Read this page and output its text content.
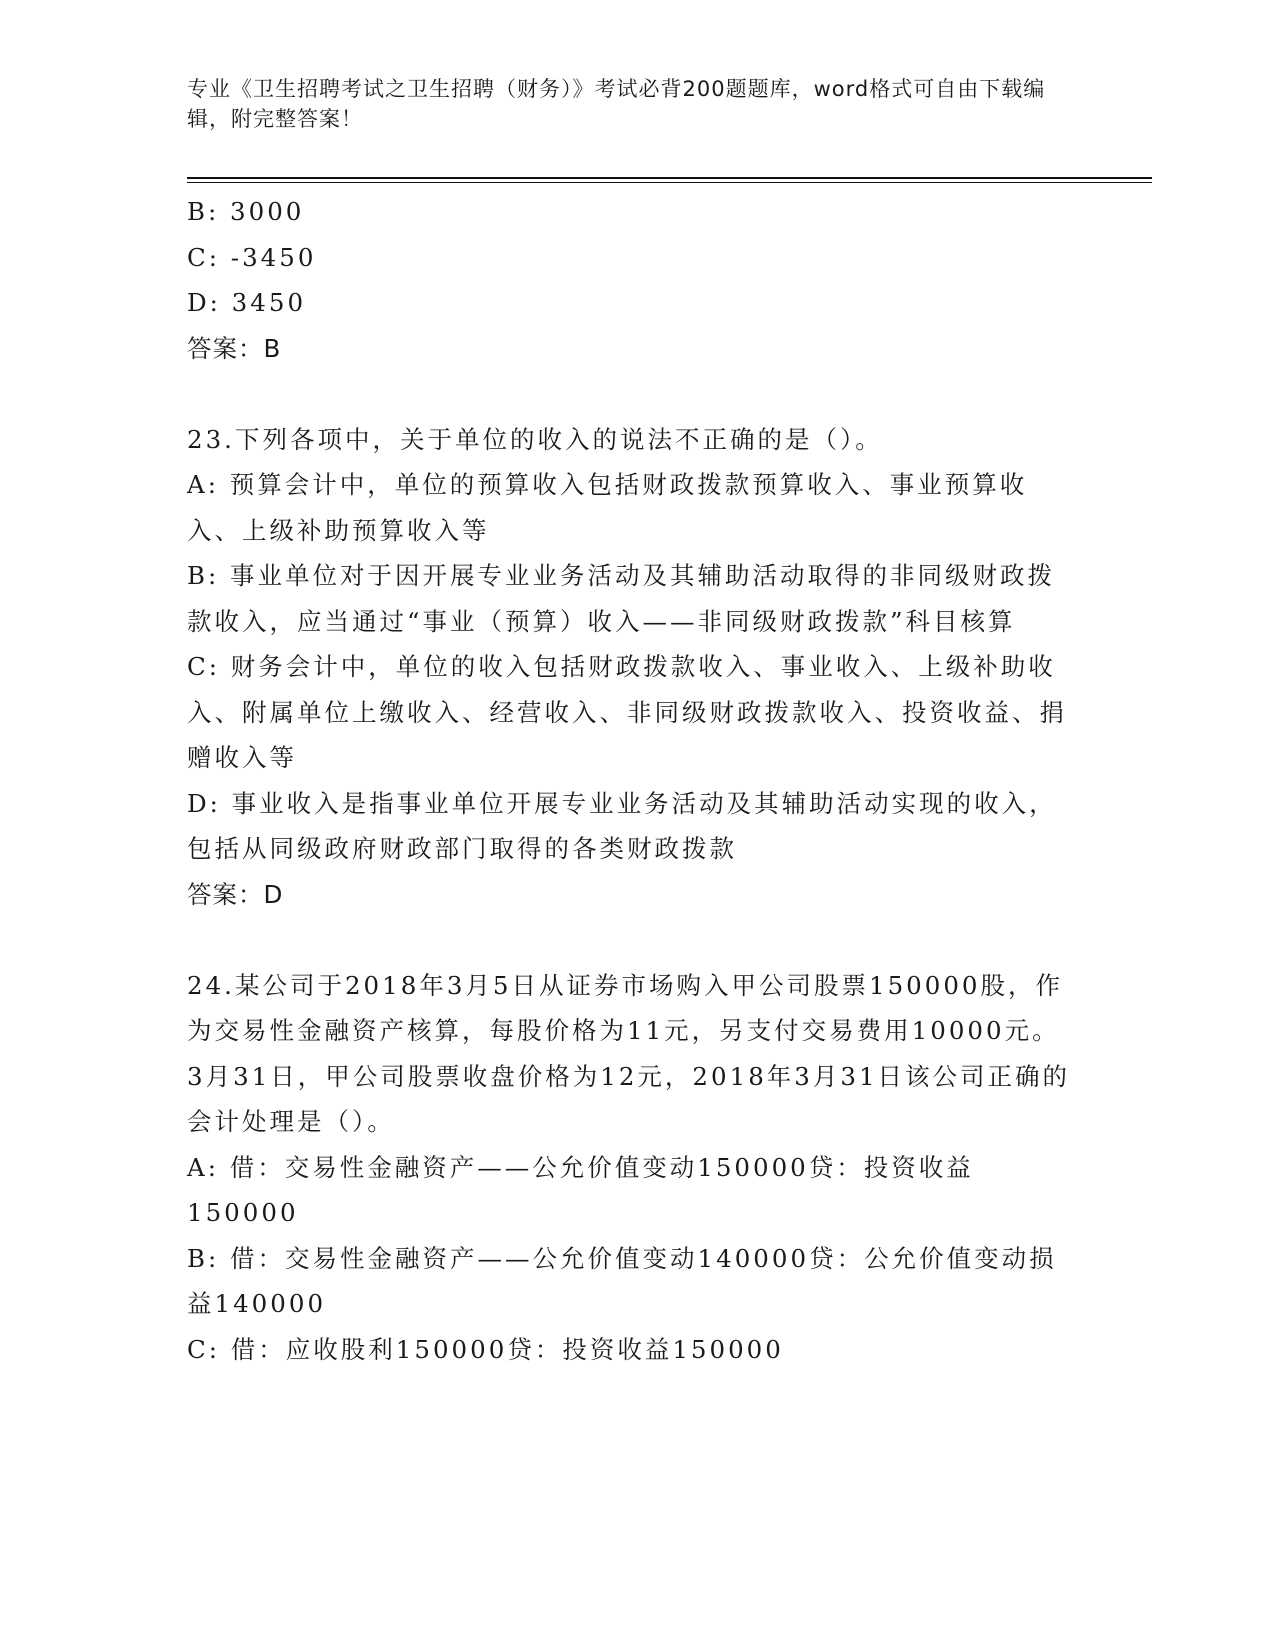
专业《卫生招聘考试之卫生招聘（财务）》考试必背200题题库，word格式可自由下载编辑，附完整答案！

B: 3000

C: -3450

D: 3450

答案：B

23.下列各项中，关于单位的收入的说法不正确的是（）。

A: 预算会计中，单位的预算收入包括财政拨款预算收入、事业预算收入、上级补助预算收入等

B: 事业单位对于因开展专业业务活动及其辅助活动取得的非同级财政拨款收入，应当通过“事业（预算）收入——非同级财政拨款”科目核算

C: 财务会计中，单位的收入包括财政拨款收入、事业收入、上级补助收入、附属单位上缴收入、经营收入、非同级财政拨款收入、投资收益、捐赠收入等

D: 事业收入是指事业单位开展专业业务活动及其辅助活动实现的收入，包括从同级政府财政部门取得的各类财政拨款

答案：D

24.某公司于2018年3月5日从证券市场购入甲公司股票150000股，作为交易性金融资产核算，每股价格为11元，另支付交易费用10000元。3月31日，甲公司股票收盘价格为12元，2018年3月31日该公司正确的会计处理是（）。

A: 借：交易性金融资产——公允价值变动150000贷：投资收益150000

B: 借：交易性金融资产——公允价值变动140000贷：公允价值变动损益140000

C: 借：应收股利150000贷：投资收益150000
